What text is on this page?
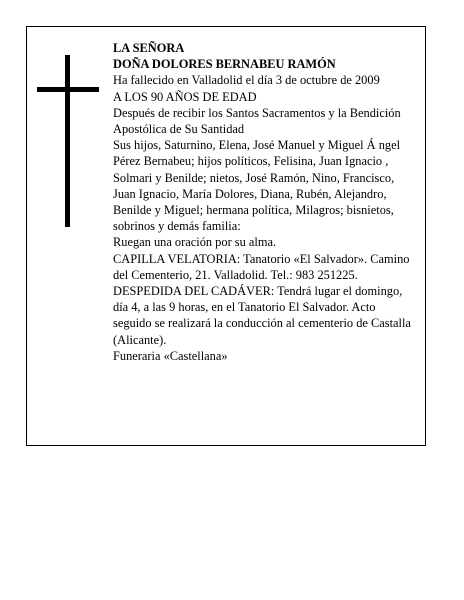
LA SEÑORA

DOÑA DOLORES BERNABEU RAMÓN

Ha fallecido en Valladolid el día 3 de octubre de 2009

A LOS 90 AÑOS DE EDAD

Después de recibir los Santos Sacramentos y la Bendición Apostólica de Su Santidad

Sus hijos, Saturnino, Elena, José Manuel y Miguel Á ngel Pérez Bernabeu; hijos políticos, Felisina, Juan Ignacio , Solmari y Benilde; nietos, José Ramón, Nino, Francisco, Juan Ignacio, María Dolores, Diana, Rubén, Alejandro, Benilde y Miguel; hermana política, Milagros; bisnietos, sobrinos y demás familia:

Ruegan una oración por su alma.

CAPILLA VELATORIA: Tanatorio «El Salvador». Camino del Cementerio, 21. Valladolid. Tel.: 983 251225.

DESPEDIDA DEL CADÁVER: Tendrá lugar el domingo, día 4, a las 9 horas, en el Tanatorio El Salvador. Acto seguido se realizará la conducción al cementerio de Castalla (Alicante).

Funeraria «Castellana»
